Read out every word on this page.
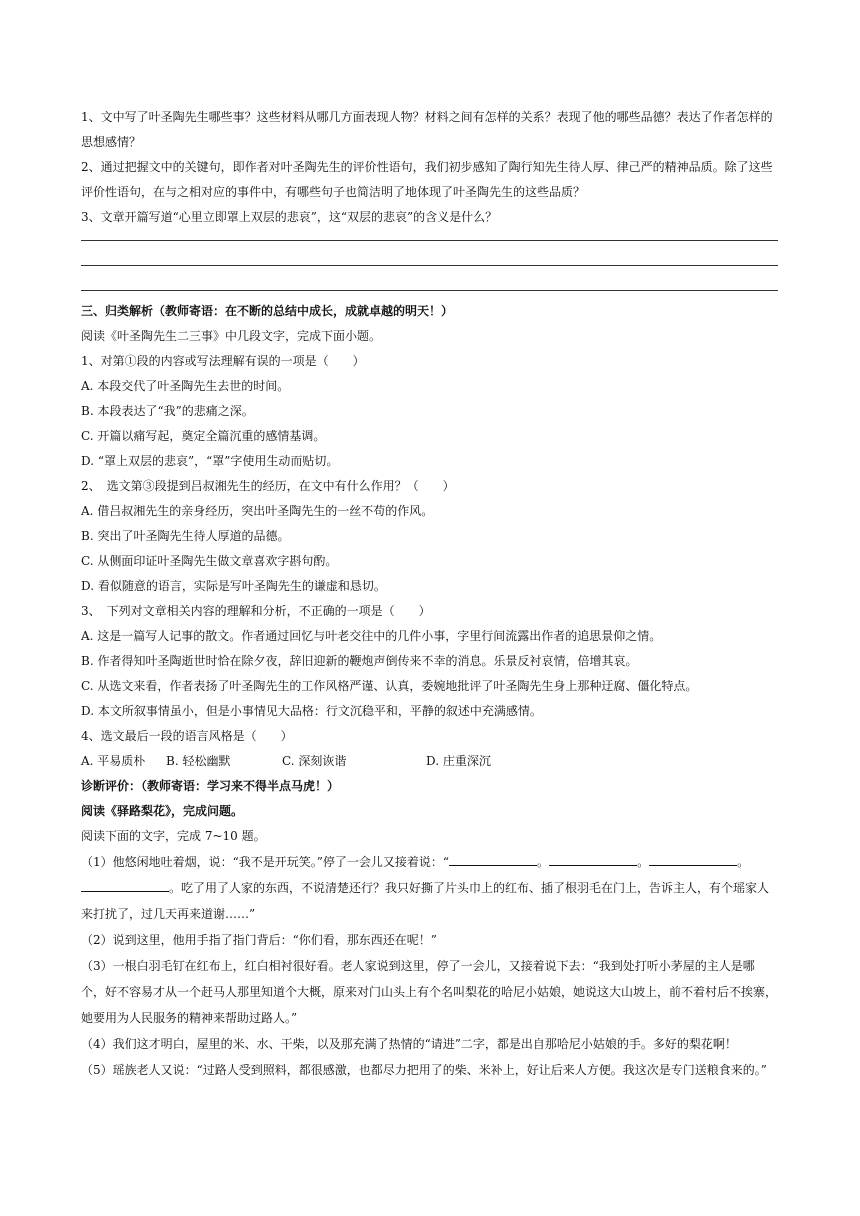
1、文中写了叶圣陶先生哪些事？这些材料从哪几方面表现人物？材料之间有怎样的关系？表现了他的哪些品德？表达了作者怎样的思想感情？

2、通过把握文中的关键句，即作者对叶圣陶先生的评价性语句，我们初步感知了陶行知先生待人厚、律己严的精神品质。除了这些评价性语句，在与之相对应的事件中，有哪些句子也简洁明了地体现了叶圣陶先生的这些品质？

3、文章开篇写道“心里立即罩上双层的悲哀”，这“双层的悲哀”的含义是什么？

三、归类解析（教师寄语：在不断的总结中成长，成就卓越的明天！）

阅读《叶圣陶先生二三事》中几段文字，完成下面小题。

1、对第①段的内容或写法理解有误的一项是（　　）

A. 本段交代了叶圣陶先生去世的时间。

B. 本段表达了“我”的悲痛之深。

C. 开篇以痛写起，奠定全篇沉重的感情基调。

D. “罩上双层的悲哀”，“罩”字使用生动而贴切。

2、　选文第③段提到吕叔湘先生的经历，在文中有什么作用？（　　）

A. 借吕叔湘先生的亲身经历，突出叶圣陶先生的一丝不苟的作风。

B. 突出了叶圣陶先生待人厚道的品德。

C. 从侧面印证叶圣陶先生做文章喜欢字斟句酌。

D. 看似随意的语言，实际是写叶圣陶先生的谦虚和恳切。

3、　下列对文章相关内容的理解和分析，不正确的一项是（　　）

A. 这是一篇写人记事的散文。作者通过回忆与叶老交往中的几件小事，字里行间流露出作者的追思景仰之情。

B. 作者得知叶圣陶逝世时恰在除夕夜，辞旧迎新的鞭炮声倒传来不幸的消息。乐景反衬哀情，倍增其哀。

C. 从选文来看，作者表扬了叶圣陶先生的工作风格严谨、认真，委婉地批评了叶圣陶先生身上那种迂腐、僵化特点。

D. 本文所叙事情虽小，但是小事情见大品格：行文沉稳平和，平静的叙述中充满感情。

4、选文最后一段的语言风格是（　　）

A. 平易质朴	B. 轻松幽默	C. 深刻诙谐	D. 庄重深沉

诊断评价：（教师寄语：学习来不得半点马虎！）

阅读《驿路梨花》，完成问题。

阅读下面的文字，完成 7~10 题。

（1）他悠闲地吐着烟，说：“我不是开玩笑。”停了一会儿又接着说：“	。	。	。。吃了用了人家的东西，不说清楚还行？我只好撕了片头巾上的红布、插了根羽毛在门上，告诉主人，有个瑶家人来打扰了，过几天再来道谢……”

（2）说到这里，他用手指了指门背后：“你们看，那东西还在呢！”

（3）一根白羽毛钉在红布上，红白相衬很好看。老人家说到这里，停了一会儿，又接着说下去：“我到处打听小茅屋的主人是哪个，好不容易才从一个赶马人那里知道个大概，原来对门山头上有个名叫梨花的哈尼小姑娘，她说这大山坡上，前不着村后不挨寨，她要用为人民服务的精神来帮助过路人。”

（4）我们这才明白，屋里的米、水、干柴，以及那充满了热情的“请进”二字，都是出自那哈尼小姑娘的手。多好的梨花啊！

（5）瑶族老人又说：“过路人受到照料，都很感激，也都尽力把用了的柴、米补上，好让后来人方便。我这次是专门送粮食来的。”
